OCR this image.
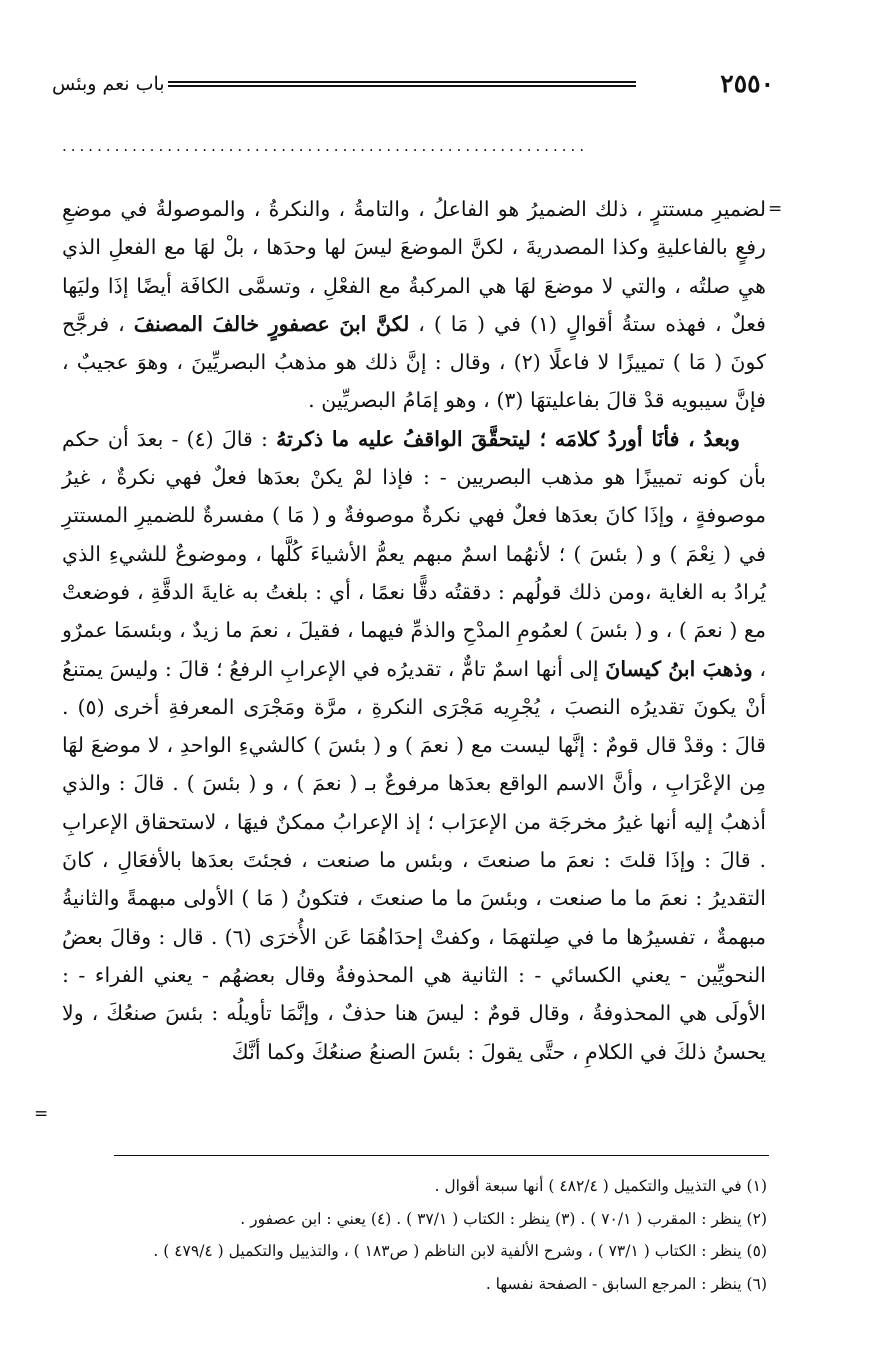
٢٥٥٠
باب نعم وبئس
............................................................
=

لضميرِ مستترٍ ، ذلك الضميرُ هو الفاعلُ ، والتامةُ ، والنكرةُ ، والموصولةُ في موضعِ رفعٍ بالفاعليةِ وكذا المصدريةَ ، لكنَّ الموضعَ ليسَ لها وحدَها ، بلْ لهَا مع الفعلِ الذي هيِ صلتُه ، والتي لا موضعَ لهَا هي المركبةُ مع الفعْلِ ، وتسمَّى الكافَة أيضًا إذَا وليَها فعلٌ ، فهذه ستةُ أقوالٍ (١) في ( مَا ) ، لكنَّ ابنَ عصفورٍ خالفَ المصنفَ ، فرجَّح كونَ ( مَا ) تمييزًا لا فاعلًا (٢) ، وقال : إنَّ ذلك هو مذهبُ البصريِّينَ ، وهوَ عجيبٌ ، فإنَّ سيبويه قدْ قالَ بفاعليتهَا (٣) ، وهو إمَامُ البصريِّين .

وبعدُ ، فأنَا أوردُ كلامَه ؛ ليتحقَّقَ الواقفُ عليه ما ذكرتهُ : قالَ (٤) - بعدَ أن حكم بأن كونه تمييزًا هو مذهب البصريين - : فإذا لمْ يكنْ بعدَها فعلٌ فهي نكرةٌ ، غيرُ موصوفةٍ ، وإذَا كانَ بعدَها فعلٌ فهي نكرةٌ موصوفةٌ و ( مَا ) مفسرةٌ للضميرِ المستترِ في ( نِعْمَ ) و ( بئسَ ) ؛ لأنهُما اسمٌ مبهم يعمُّ الأشياءَ كُلَّها ، وموضوعٌ للشيءِ الذي يُرادُ به الغاية ،ومن ذلك قولُهم : دققتُه دقًّا نعمًا ، أي : بلغتُ به غايةَ الدقَّةِ ، فوضعتْ مع ( نعمَ ) ، و ( بئسَ ) لعمُومِ المدْحِ والذمِّ فيهما ، فقيلَ ، نعمَ ما زيدٌ ، وبئسمَا عمرٌو ، وذهبَ ابنُ كيسانَ إلى أنها اسمٌ تامٌّ ، تقديرُه في الإعرابِ الرفعُ ؛ قالَ : وليسَ يمتنعُ أنْ يكونَ تقديرُه النصبَ ، يُجْرِيه مَجْرَى النكرةِ ، مرَّة ومَجْرَى المعرفةِ أخرى (٥) . قالَ : وقدْ قال قومٌ : إنَّها ليست مع ( نعمَ ) و ( بئسَ ) كالشيءِ الواحدِ ، لا موضعَ لهَا مِن الإعْرَابِ ، وأنَّ الاسم الواقع بعدَها مرفوعٌ بـ ( نعمَ ) ، و ( بئسَ ) . قالَ : والذي أذهبُ إليه أنها غيرُ مخرجَة من الإعرَاب ؛ إذ الإعرابُ ممكنٌ فيهَا ، لاستحقاق الإعرابِ . قالَ : وإذَا قلتَ : نعمَ ما صنعتَ ، وبئس ما صنعت ، فجئتَ بعدَها بالأفعَالِ ، كانَ التقديرُ : نعمَ ما ما صنعت ، وبئسَ ما ما صنعتَ ، فتكونُ ( مَا ) الأولى مبهمةً والثانيةُ مبهمةٌ ، تفسيرُها ما في صِلتهمَا ، وكفتْ إحدَاهُمَا عَن الأُخرَى (٦) . قال : وقالَ بعضُ النحويِّين - يعني الكسائي - : الثانية هي المحذوفةُ وقال بعضهُم - يعني الفراء - : الأولَى هي المحذوفةُ ، وقال قومٌ : ليسَ هنا حذفٌ ، وإنَّمَا تأويلُه : بئسَ صنعُكَ ، ولا يحسنُ ذلكَ في الكلامِ ، حتَّى يقولَ : بئسَ الصنعُ صنعُكَ وكما أنَّكَ

=
(١) في التذييل والتكميل ( ٤٨٢/٤ ) أنها سبعة أقوال .
(٢) ينظر : المقرب ( ٧٠/١ ) . (٣) ينظر : الكتاب ( ٣٧/١ ) . (٤) يعني : ابن عصفور .
(٥) ينظر : الكتاب ( ٧٣/١ ) ، وشرح الألفية لابن الناظم ( ص١٨٣ ) ، والتذييل والتكميل ( ٤٧٩/٤ ) .
(٦) ينظر : المرجع السابق - الصفحة نفسها .
